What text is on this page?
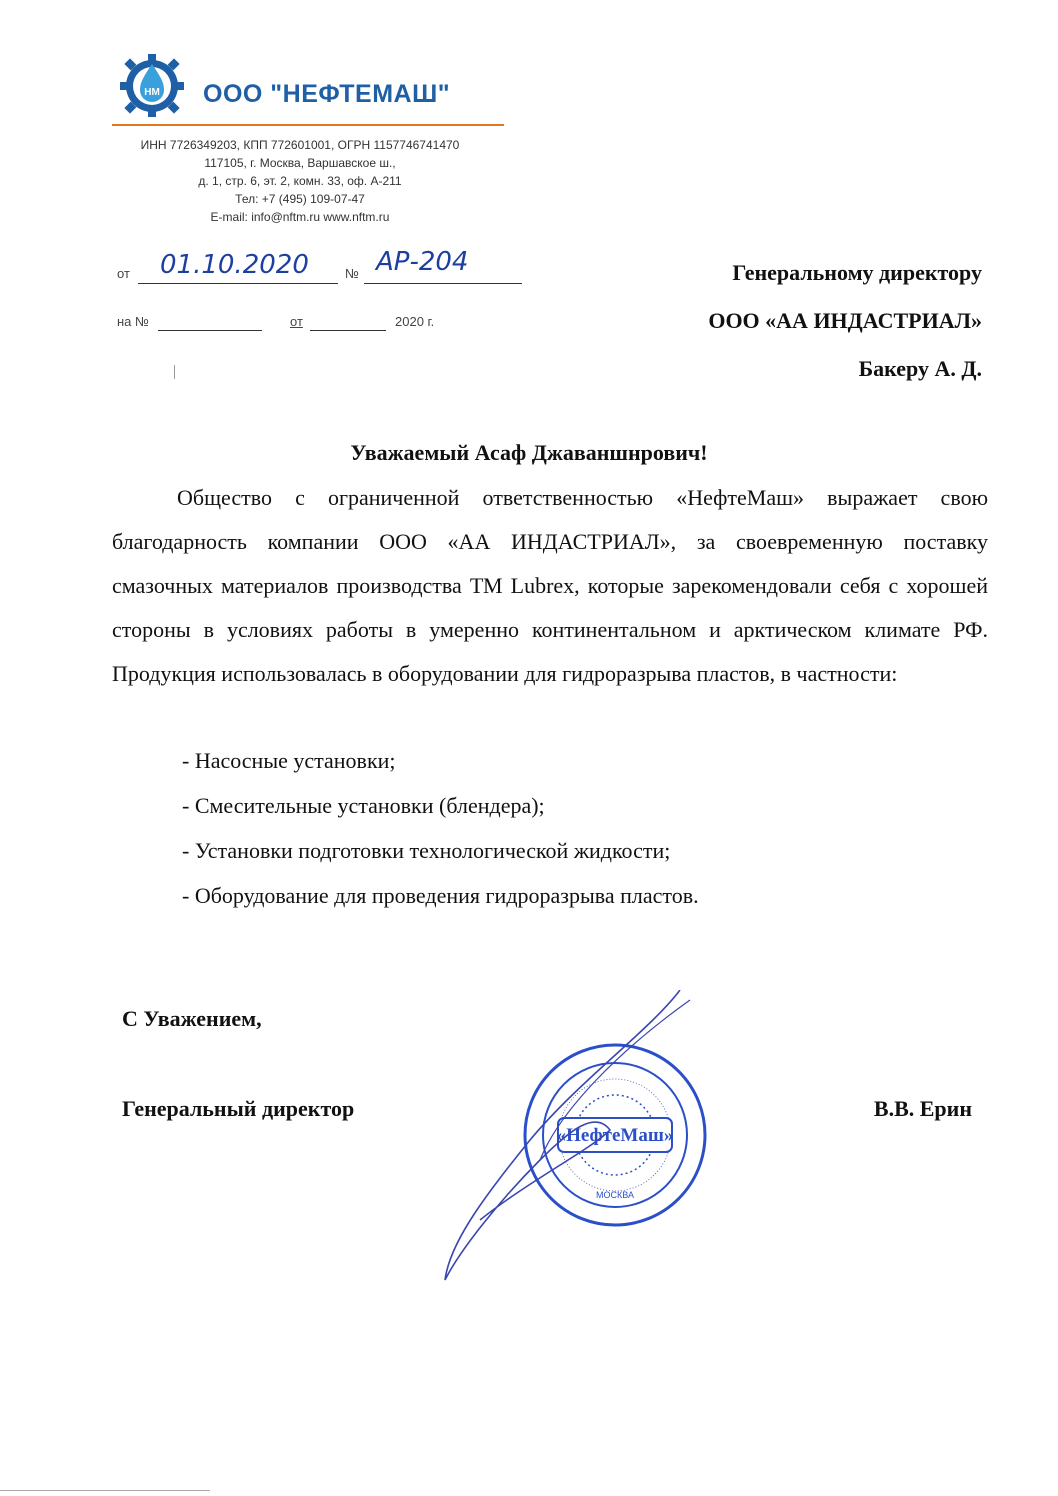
НМ ООО "НЕФТЕМАШ"
ИНН 7726349203, КПП 772601001, ОГРН 1157746741470
117105, г. Москва, Варшавское ш.,
д. 1, стр. 6, эт. 2, комн. 33, оф. А-211
Тел: +7 (495) 109-07-47
E-mail: info@nftm.ru www.nftm.ru
от 01.10.2020	№ АР-204
на №	от	2020 г.
Генеральному директору
ООО «АА ИНДАСТРИАЛ»
Бакеру А. Д.
Уважаемый Асаф Джаваншнрович!

Общество с ограниченной ответственностью «НефтеМаш» выражает свою благодарность компании ООО «АА ИНДАСТРИАЛ», за своевременную поставку смазочных материалов производства ТМ Lubrex, которые зарекомендовали себя с хорошей стороны в условиях работы в умеренно континентальном и арктическом климате РФ. Продукция использовалась в оборудовании для гидроразрыва пластов, в частности:

- Насосные установки;
- Смесительные установки (блендера);
- Установки подготовки технологической жидкости;
- Оборудование для проведения гидроразрыва пластов.
С Уважением,
Генеральный директор	В.В. Ерин
«НефтеМаш»
МОСКВА
